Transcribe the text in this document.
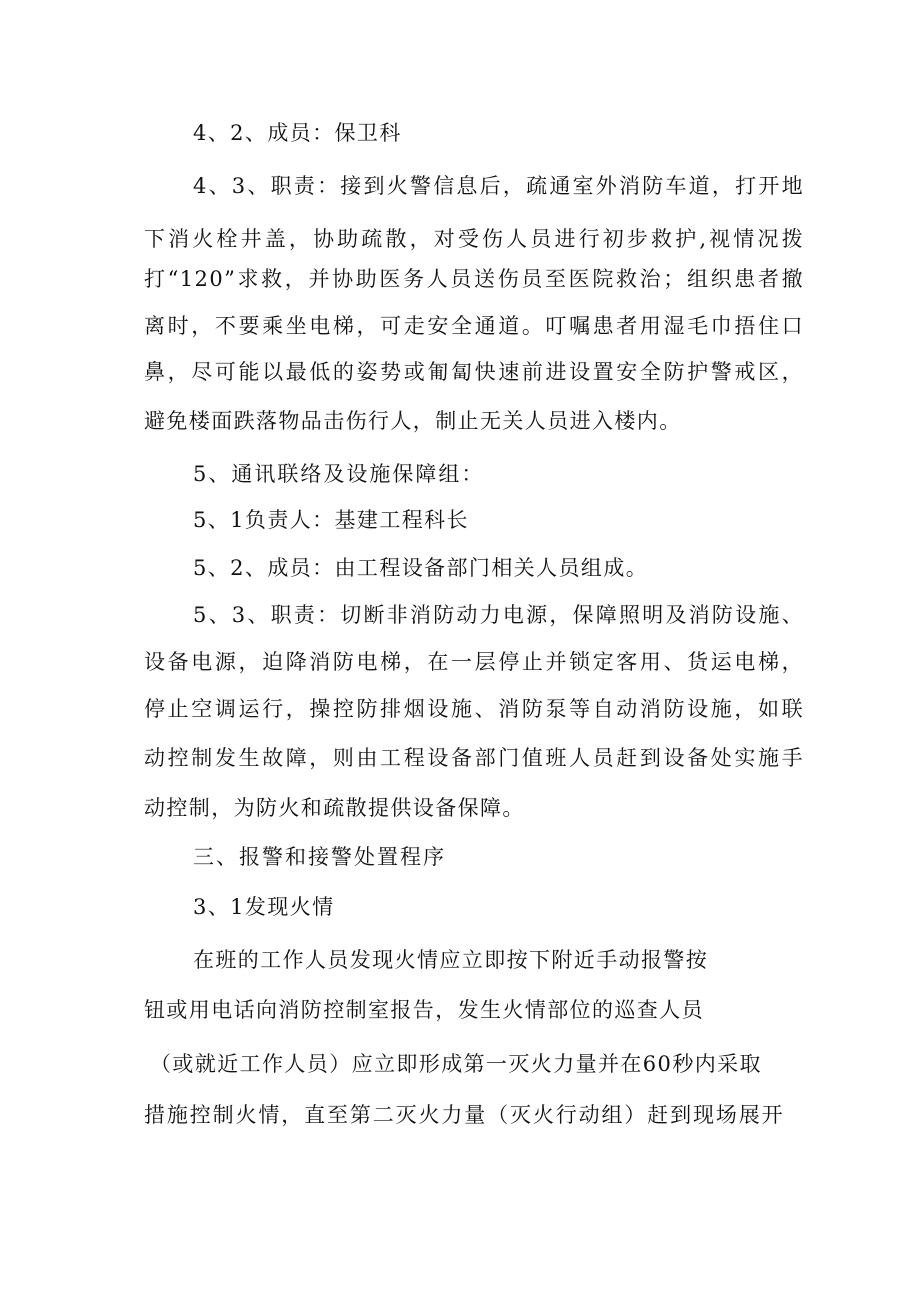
4、2、成员：保卫科
4、3、职责：接到火警信息后，疏通室外消防车道，打开地
下消火栓井盖，协助疏散，对受伤人员进行初步救护,视情况拨
打“120”求救，并协助医务人员送伤员至医院救治；组织患者撤
离时，不要乘坐电梯，可走安全通道。叮嘱患者用湿毛巾捂住口
鼻，尽可能以最低的姿势或匍匐快速前进设置安全防护警戒区，
避免楼面跌落物品击伤行人，制止无关人员进入楼内。
5、通讯联络及设施保障组：
5、1负责人：基建工程科长
5、2、成员：由工程设备部门相关人员组成。
5、3、职责：切断非消防动力电源，保障照明及消防设施、
设备电源，迫降消防电梯，在一层停止并锁定客用、货运电梯，
停止空调运行，操控防排烟设施、消防泵等自动消防设施，如联
动控制发生故障，则由工程设备部门值班人员赶到设备处实施手
动控制，为防火和疏散提供设备保障。
三、报警和接警处置程序
3、1发现火情
在班的工作人员发现火情应立即按下附近手动报警按
钮或用电话向消防控制室报告，发生火情部位的巡查人员
（或就近工作人员）应立即形成第一灭火力量并在60秒内采取
措施控制火情，直至第二灭火力量（灭火行动组）赶到现场展开
